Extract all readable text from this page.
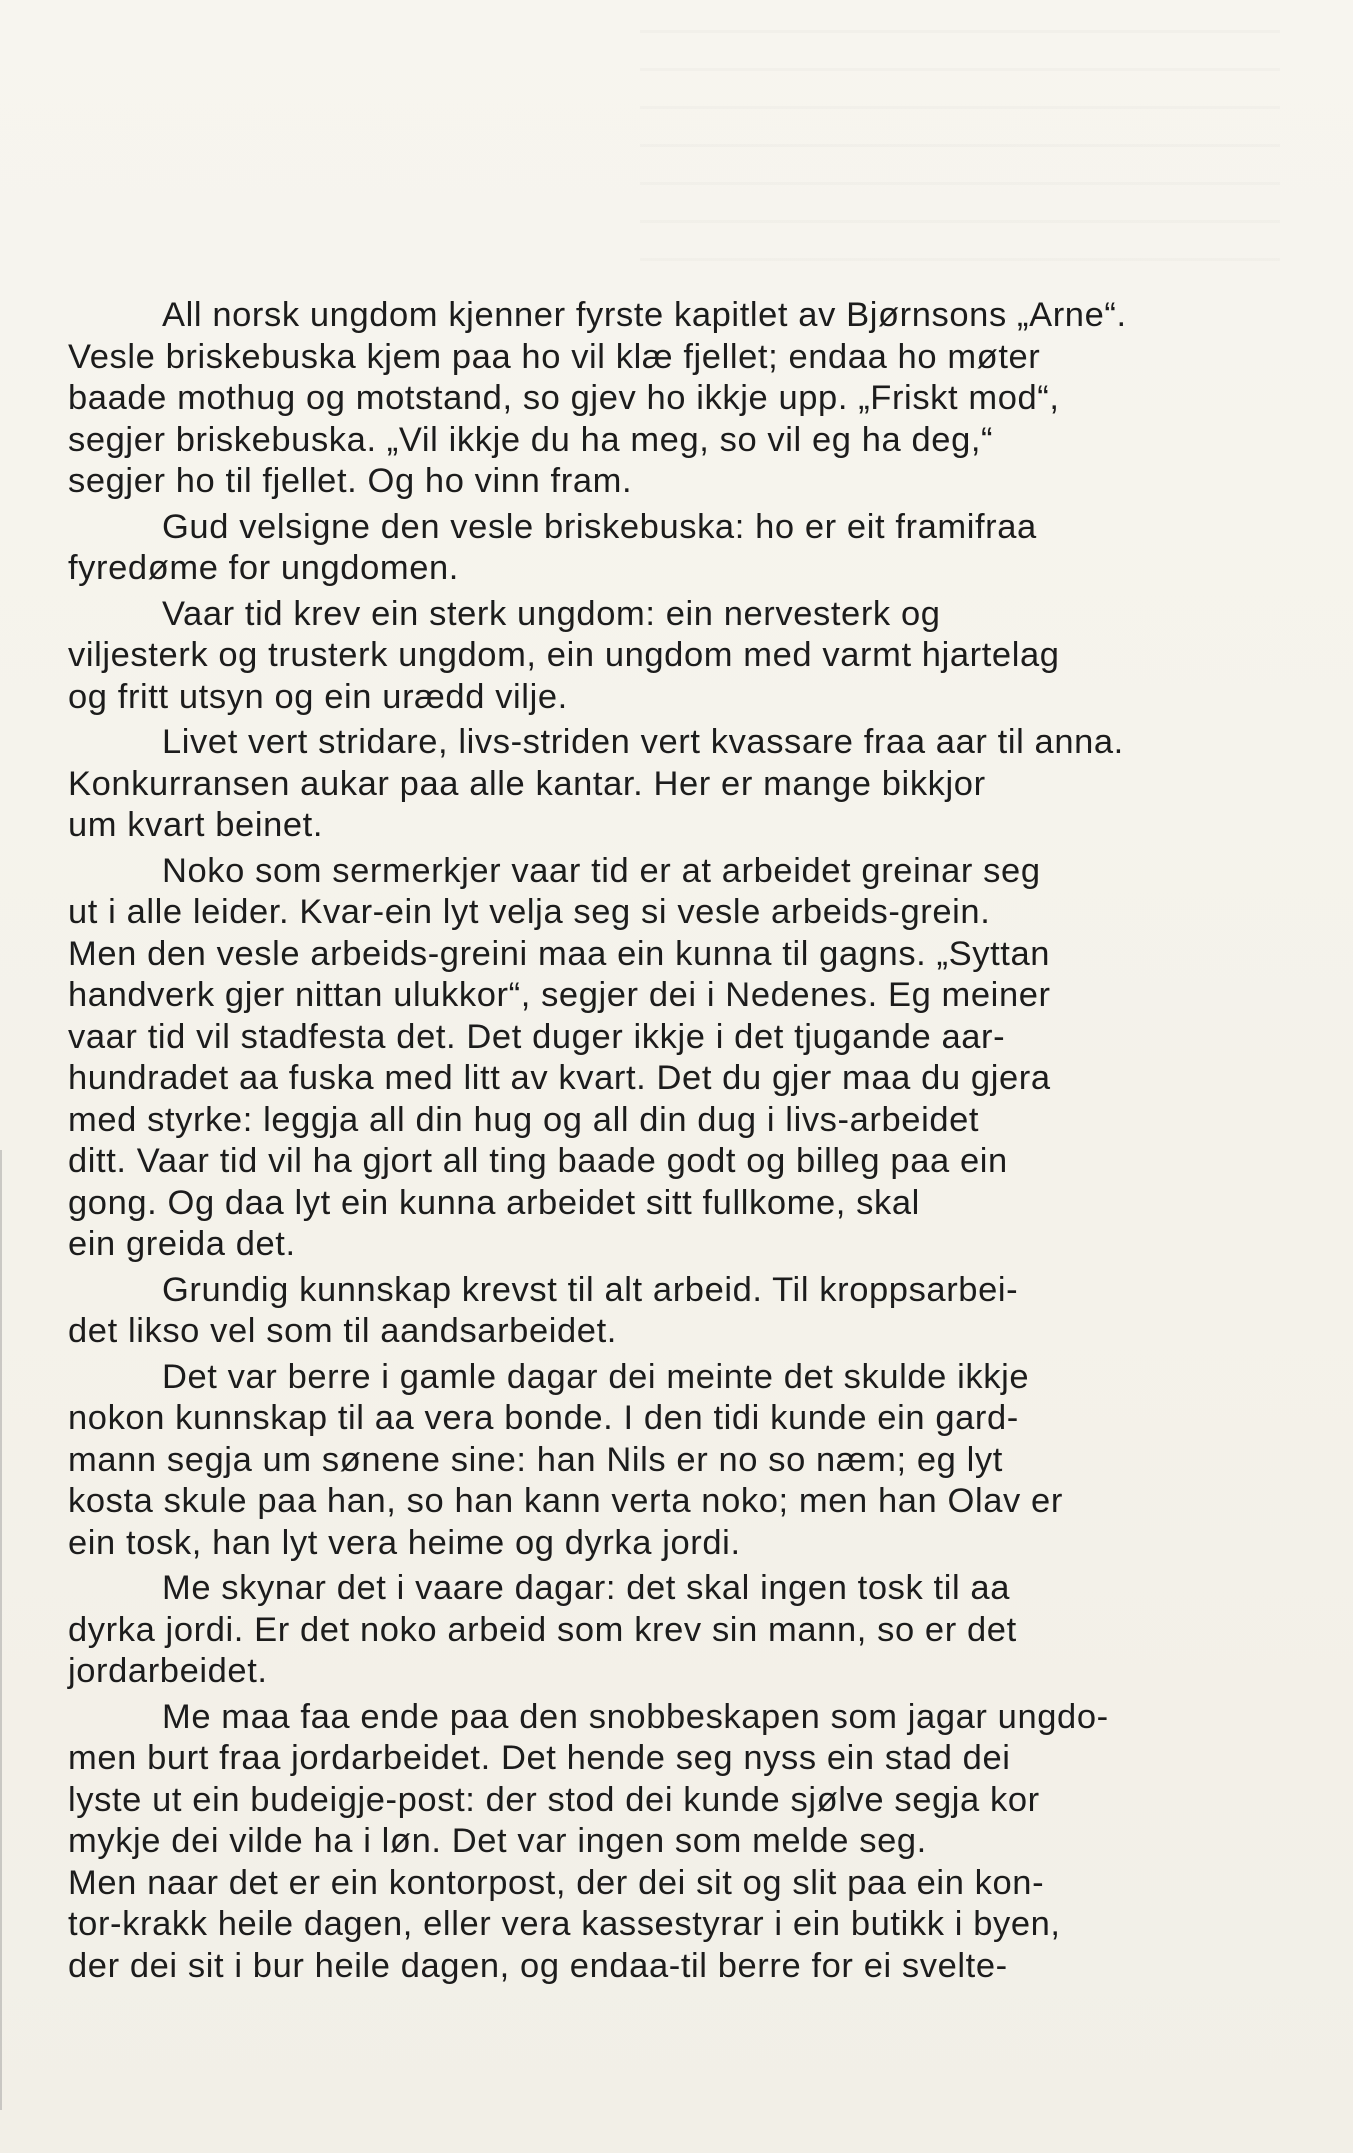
All norsk ungdom kjenner fyrste kapitlet av Bjørnsons „Arne“.
Vesle briskebuska kjem paa ho vil klæ fjellet; endaa ho møter
baade mothug og motstand, so gjev ho ikkje upp. „Friskt mod“,
segjer briskebuska. „Vil ikkje du ha meg, so vil eg ha deg,“
segjer ho til fjellet. Og ho vinn fram.

Gud velsigne den vesle briskebuska: ho er eit framifraa
fyredøme for ungdomen.

Vaar tid krev ein sterk ungdom: ein nervesterk og
viljesterk og trusterk ungdom, ein ungdom med varmt hjartelag
og fritt utsyn og ein urædd vilje.

Livet vert stridare, livs-striden vert kvassare fraa aar til anna.
Konkurransen aukar paa alle kantar. Her er mange bikkjor
um kvart beinet.

Noko som sermerkjer vaar tid er at arbeidet greinar seg
ut i alle leider. Kvar-ein lyt velja seg si vesle arbeids-grein.
Men den vesle arbeids-greini maa ein kunna til gagns. „Syttan
handverk gjer nittan ulukkor“, segjer dei i Nedenes. Eg meiner
vaar tid vil stadfesta det. Det duger ikkje i det tjugande aar-
hundradet aa fuska med litt av kvart. Det du gjer maa du gjera
med styrke: leggja all din hug og all din dug i livs-arbeidet
ditt. Vaar tid vil ha gjort all ting baade godt og billeg paa ein
gong. Og daa lyt ein kunna arbeidet sitt fullkome, skal
ein greida det.

Grundig kunnskap krevst til alt arbeid. Til kroppsarbei-
det likso vel som til aandsarbeidet.

Det var berre i gamle dagar dei meinte det skulde ikkje
nokon kunnskap til aa vera bonde. I den tidi kunde ein gard-
mann segja um sønene sine: han Nils er no so næm; eg lyt
kosta skule paa han, so han kann verta noko; men han Olav er
ein tosk, han lyt vera heime og dyrka jordi.

Me skynar det i vaare dagar: det skal ingen tosk til aa
dyrka jordi. Er det noko arbeid som krev sin mann, so er det
jordarbeidet.

Me maa faa ende paa den snobbeskapen som jagar ungdo-
men burt fraa jordarbeidet. Det hende seg nyss ein stad dei
lyste ut ein budeigje-post: der stod dei kunde sjølve segja kor
mykje dei vilde ha i løn. Det var ingen som melde seg.
Men naar det er ein kontorpost, der dei sit og slit paa ein kon-
tor-krakk heile dagen, eller vera kassestyrar i ein butikk i byen,
der dei sit i bur heile dagen, og endaa-til berre for ei svelte-
